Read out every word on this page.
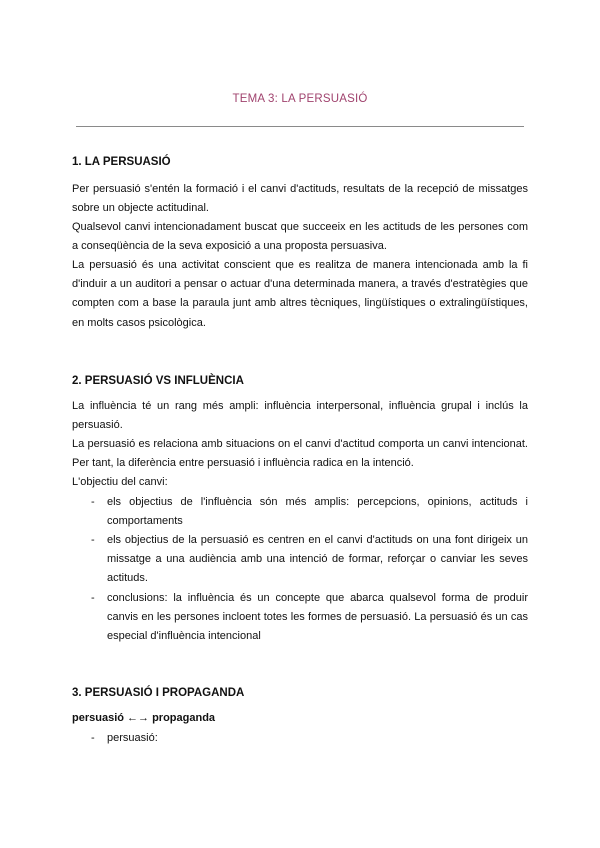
TEMA 3: LA PERSUASIÓ
1. LA PERSUASIÓ

Per persuasió s'entén la formació i el canvi d'actituds, resultats de la recepció de missatges sobre un objecte actitudinal.

Qualsevol canvi intencionadament buscat que succeeix en les actituds de les persones com a conseqüència de la seva exposició a una proposta persuasiva.

La persuasió és una activitat conscient que es realitza de manera intencionada amb la fi d'induir a un auditori a pensar o actuar d'una determinada manera, a través d'estratègies que compten com a base la paraula junt amb altres tècniques, lingüístiques o extralingüístiques, en molts casos psicològica.

2. PERSUASIÓ VS INFLUÈNCIA

La influència té un rang més ampli: influència interpersonal, influència grupal i inclús la persuasió.

La persuasió es relaciona amb situacions on el canvi d'actitud comporta un canvi intencionat. Per tant, la diferència entre persuasió i influència radica en la intenció.

L'objectiu del canvi:

- els objectius de l'influència són més amplis: percepcions, opinions, actituds i comportaments

- els objectius de la persuasió es centren en el canvi d'actituds on una font dirigeix un missatge a una audiència amb una intenció de formar, reforçar o canviar les seves actituds.

- conclusions: la influència és un concepte que abarca qualsevol forma de produir canvis en les persones incloent totes les formes de persuasió. La persuasió és un cas especial d'influència intencional

3. PERSUASIÓ I PROPAGANDA
persuasió ←→ propaganda
- persuasió:
